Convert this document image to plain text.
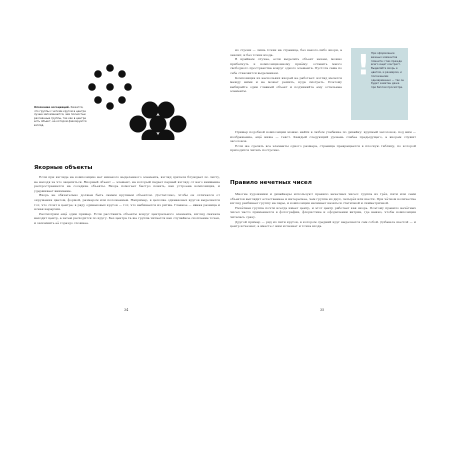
Опознание ассоциаций. Кажется, что группы с четким кругом в центре лучше запоминаются, чем полностью рассеянные группы, так как в центре есть объект, на котором фиксируется взгляд.
Якорные объекты

Если при взгляде на композицию нет никакого выделенного элемента, взгляд зрителя блуждает по листу, не находя за что зацепиться. Якорный объект — элемент, на который падает первый взгляд; от него внимание распространяется на соседние объекты. Якорь помогает быстро понять, как устроена композиция, и удерживает внимание.

Якорь не обязательно должен быть самым крупным объектом. Достаточно, чтобы он отличался от окружения цветом, формой, размером или положением. Например, в цепочке одинаковых кругов выделяется тот, что стоит в центре; в ряду одинаковых кругов — тот, что выбивается из ритма. Главное — явная разница и ясная иерархия.

Рассмотрим ещё один пример. Если расставить объекты вокруг центрального элемента, взгляд сначала находит центр, а затем расходится по кругу. Без центра та же группа читается как случайное скопление точек, и запомнить её гораздо сложнее.

34

из строки — лишь точки на странице, без какого-либо якоря, а значит, и без точки входа.

В крайнем случае, если выделить объект нечем, можно прибегнуть к композиционному приёму: оставить много свободного пространства вокруг одного элемента. Пустота сама по себе становится выделением.

Композиция из нескольких якорей не работает: взгляд мечется между ними и не может решить, куда смотреть. Поэтому выбирайте один главный объект и подчиняйте ему остальные элементы.

! При оформлении важных элементов помните: глаз прежде всего ищет контраст. Выделяйте якорь и цветом, и размером, и положением одновременно — так он будет заметен даже при беглом просмотре.

Пример подобной композиции можно найти в любом учебнике по дизайну: крупный заголовок, под ним — изображение, ещё ниже — текст. Каждый следующий уровень слабее предыдущего, а якорем служит заголовок.

Если же сделать все элементы одного размера, страница превращается в плоскую таблицу, по которой приходится читать построчно.

Правило нечетных чисел

Многие художники и дизайнеры используют правило нечетных чисел: группа из трёх, пяти или семи объектов выглядит естественнее и интереснее, чем группа из двух, четырёх или шести. При чётном количестве взгляд разбивает группу на пары, и композиция начинает казаться статичной и симметричной.

Нечётная группа почти всегда имеет центр, и этот центр работает как якорь. Поэтому правило нечётных чисел часто применяется в фотографии, флористике и оформлении витрин, где важно, чтобы композиция читалась сразу.

Другой пример — ряд из пяти кругов, в котором средний круг выделяется сам собой. Добавьте шестой — и центр исчезнет, а вместе с ним исчезнет и точка входа.

35
